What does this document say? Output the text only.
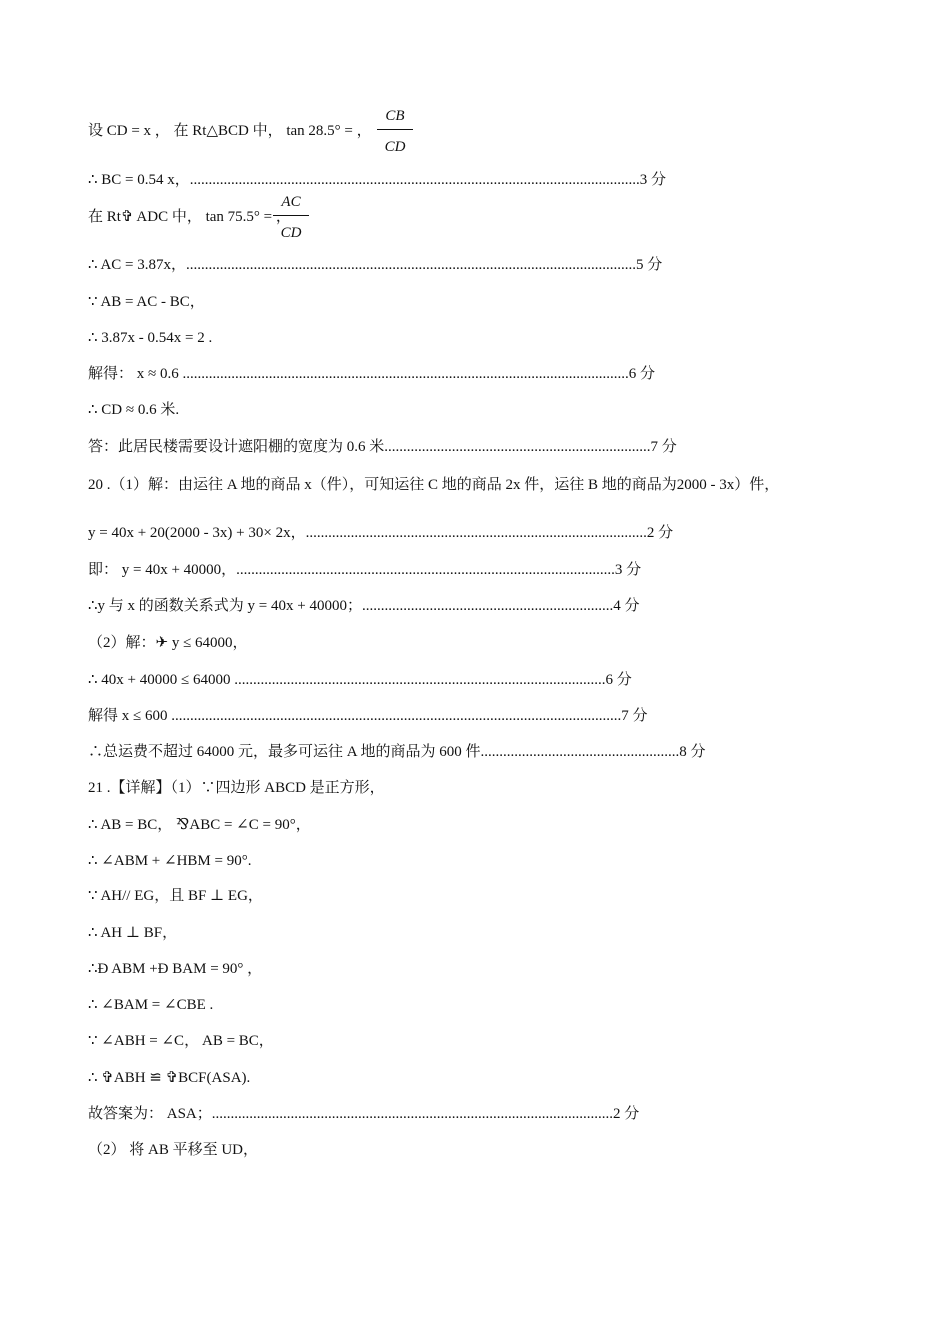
设 CD = x ， 在 Rt△BCD 中， tan 28.5° = ，
CB
CD
∴ BC = 0.54 x，........................................................................................................................3 分
在 Rt✞ ADC 中， tan 75.5° = ，
AC
CD
∴ AC = 3.87x，........................................................................................................................5 分
∵ AB = AC - BC，
∴ 3.87x - 0.54x = 2 .
解得： x ≈ 0.6 .......................................................................................................................6 分
∴ CD ≈ 0.6 米.
答：此居民楼需要设计遮阳棚的宽度为 0.6 米.......................................................................7 分
20 .（1）解：由运往 A 地的商品 x（件），可知运往 C 地的商品 2x 件，运往 B 地的商品为2000 - 3x）件，
y = 40x + 20(2000 - 3x) + 30× 2x，...........................................................................................2 分
即： y = 40x + 40000，.....................................................................................................3 分
∴y 与 x 的函数关系式为 y = 40x + 40000；...................................................................4 分
（2）解：✈ y ≤ 64000，
∴ 40x + 40000 ≤ 64000 ...................................................................................................6 分
解得 x ≤ 600 ........................................................................................................................7 分
∴总运费不超过 64000 元，最多可运往 A 地的商品为 600 件.....................................................8 分
21 .【详解】（1）∵四边形 ABCD 是正方形，
∴ AB = BC， ⅋ABC = ∠C = 90°，
∴ ∠ABM + ∠HBM = 90°.
∵ AH// EG，且 BF ⊥ EG，
∴ AH ⊥ BF，
∴Ð ABM +Ð BAM = 90° ，
∴ ∠BAM = ∠CBE .
∵ ∠ABH = ∠C， AB = BC，
∴ ✞ABH ≌ ✞BCF(ASA).
故答案为： ASA；...........................................................................................................2 分
（2） 将 AB 平移至 UD，
